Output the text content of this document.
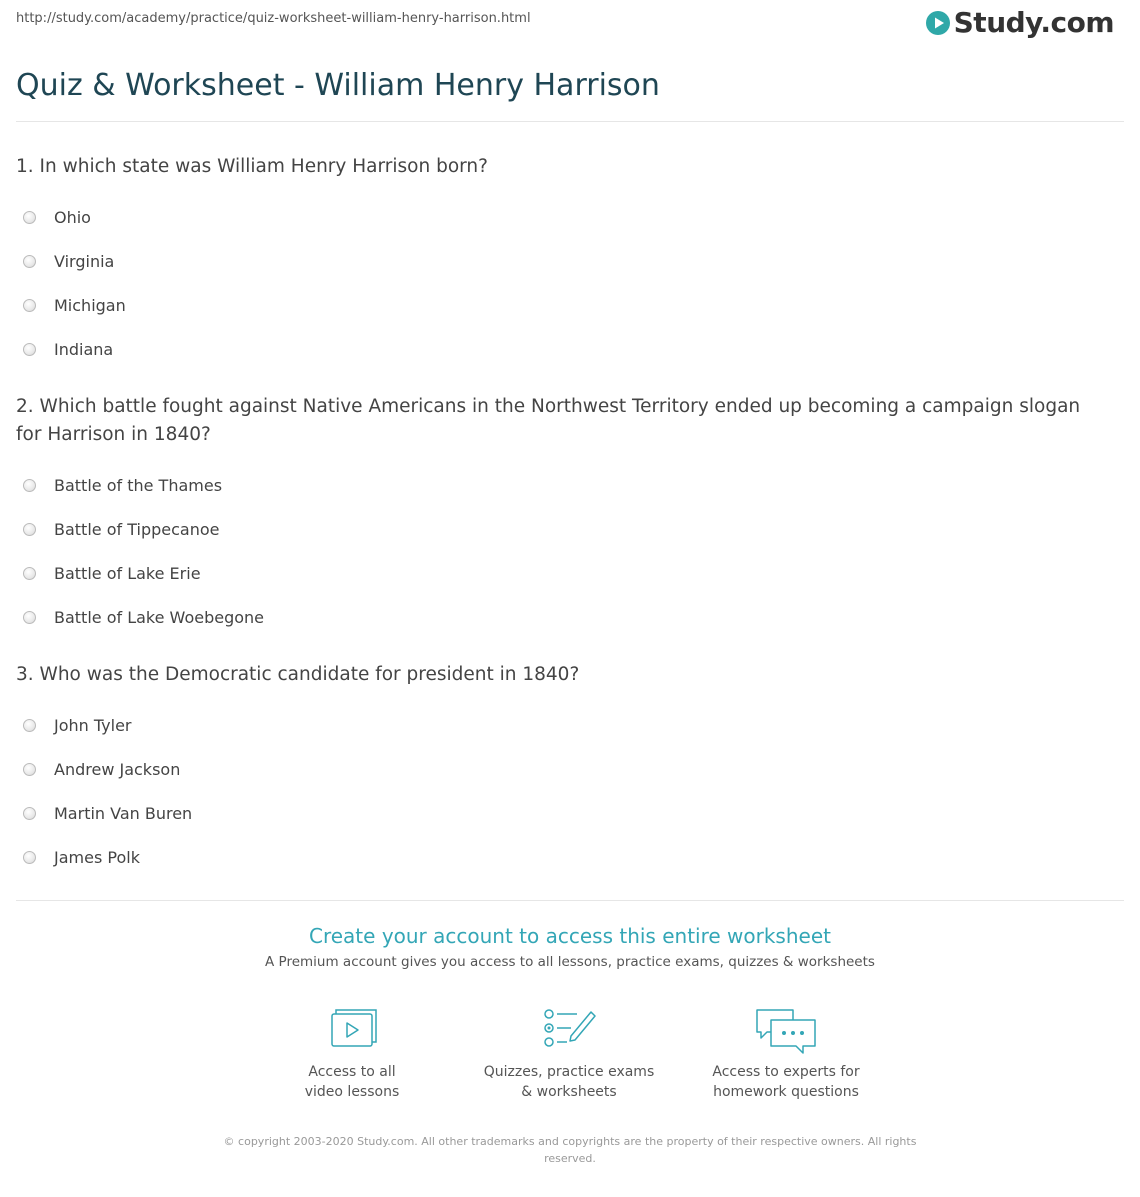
http://study.com/academy/practice/quiz-worksheet-william-henry-harrison.html	Study.com
Quiz & Worksheet - William Henry Harrison

1. In which state was William Henry Harrison born?

Ohio
Virginia
Michigan
Indiana

2. Which battle fought against Native Americans in the Northwest Territory ended up becoming a campaign slogan for Harrison in 1840?

Battle of the Thames
Battle of Tippecanoe
Battle of Lake Erie
Battle of Lake Woebegone

3. Who was the Democratic candidate for president in 1840?

John Tyler
Andrew Jackson
Martin Van Buren
James Polk

Create your account to access this entire worksheet

A Premium account gives you access to all lessons, practice exams, quizzes & worksheets
Access to all
video lessons
Quizzes, practice exams
& worksheets
Access to experts for
homework questions
© copyright 2003-2020 Study.com. All other trademarks and copyrights are the property of their respective owners. All rights reserved.
